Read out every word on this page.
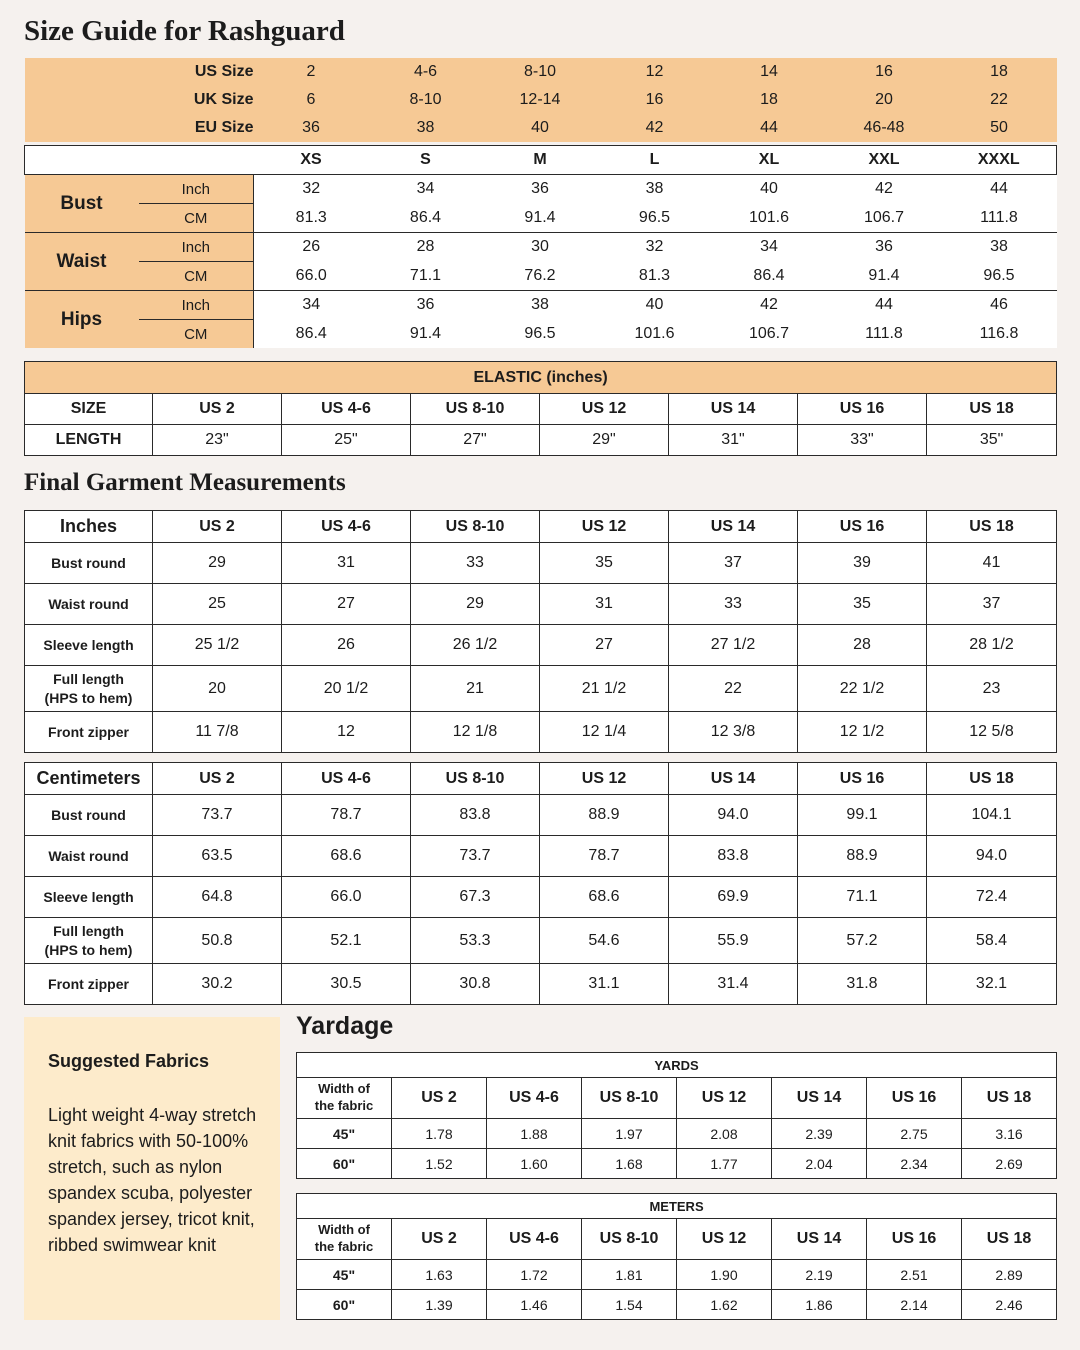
Size Guide for Rashguard
US Size		2	4-6	8-10	12	14	16	18
UK Size		6	8-10	12-14	16	18	20	22
EU Size		36	38	40	42	44	46-48	50

		XS	S	M	L	XL	XXL	XXXL
Bust	Inch	32	34	36	38	40	42	44
	CM	81.3	86.4	91.4	96.5	101.6	106.7	111.8
Waist	Inch	26	28	30	32	34	36	38
	CM	66.0	71.1	76.2	81.3	86.4	91.4	96.5
Hips	Inch	34	36	38	40	42	44	46
	CM	86.4	91.4	96.5	101.6	106.7	111.8	116.8
ELASTIC (inches)							
SIZE	US 2	US 4-6	US 8-10	US 12	US 14	US 16	US 18
LENGTH	23"	25"	27"	29"	31"	33"	35"
Final Garment Measurements
Inches	US 2	US 4-6	US 8-10	US 12	US 14	US 16	US 18

Bust round	29	31	33	35	37	39	41

Waist round	25	27	29	31	33	35	37

Sleeve length	25 1/2	26	26 1/2	27	27 1/2	28	28 1/2

Full length
(HPS to hem)	20	20 1/2	21	21 1/2	22	22 1/2	23

Front zipper	11 7/8	12	12 1/8	12 1/4	12 3/8	12 1/2	12 5/8
Centimeters	US 2	US 4-6	US 8-10	US 12	US 14	US 16	US 18

Bust round	73.7	78.7	83.8	88.9	94.0	99.1	104.1

Waist round	63.5	68.6	73.7	78.7	83.8	88.9	94.0

Sleeve length	64.8	66.0	67.3	68.6	69.9	71.1	72.4

Full length
(HPS to hem)	50.8	52.1	53.3	54.6	55.9	57.2	58.4

Front zipper	30.2	30.5	30.8	31.1	31.4	31.8	32.1

Suggested Fabrics

Light weight 4-way stretch knit fabrics with 50-100% stretch, such as nylon spandex scuba, polyester spandex jersey, tricot knit, ribbed swimwear knit

Yardage
YARDS							

Width of
the fabric	US 2	US 4-6	US 8-10	US 12	US 14	US 16	US 18
45"	1.78	1.88	1.97	2.08	2.39	2.75	3.16
60"	1.52	1.60	1.68	1.77	2.04	2.34	2.69
METERS							

Width of
the fabric	US 2	US 4-6	US 8-10	US 12	US 14	US 16	US 18
45"	1.63	1.72	1.81	1.90	2.19	2.51	2.89
60"	1.39	1.46	1.54	1.62	1.86	2.14	2.46
